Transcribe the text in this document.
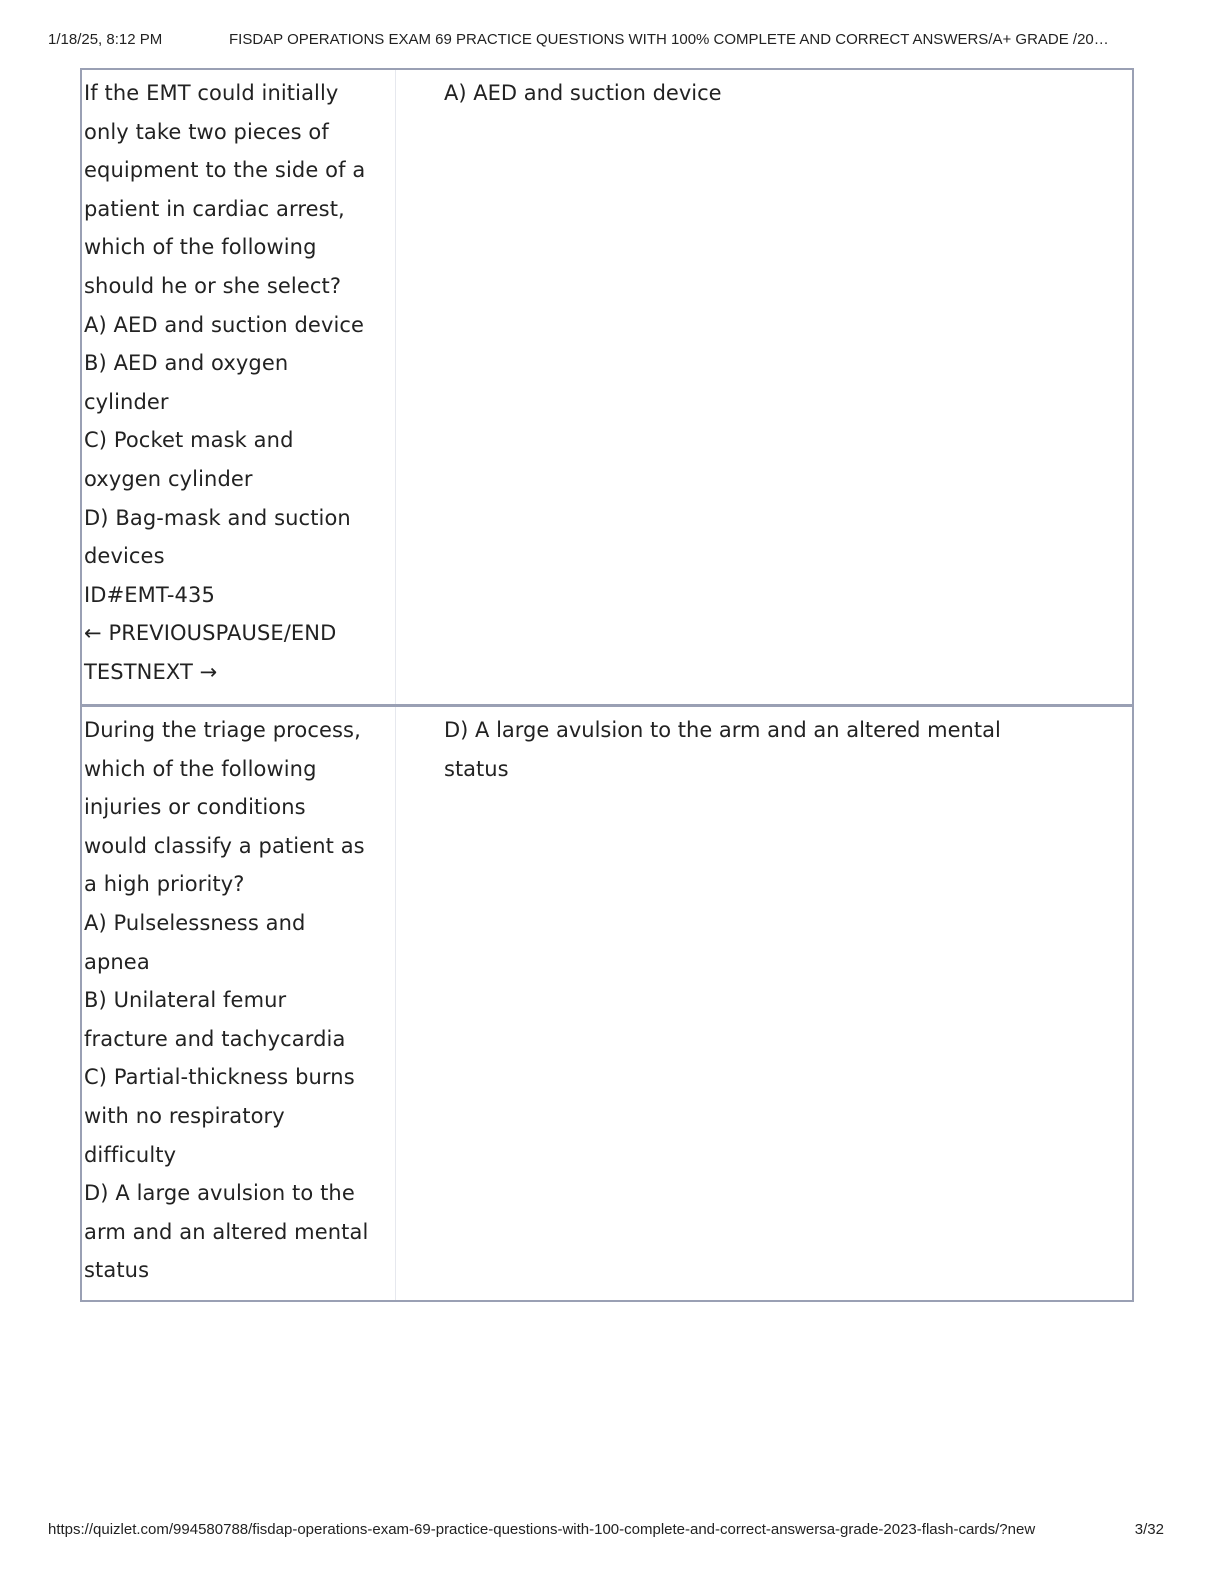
1/18/25, 8:12 PM	FISDAP OPERATIONS EXAM 69 PRACTICE QUESTIONS WITH 100% COMPLETE AND CORRECT ANSWERS/A+ GRADE /20…
If the EMT could initially
only take two pieces of
equipment to the side of a
patient in cardiac arrest,
which of the following
should he or she select?
A) AED and suction device
B) AED and oxygen
cylinder
C) Pocket mask and
oxygen cylinder
D) Bag-mask and suction
devices
ID#EMT-435
← PREVIOUSPAUSE/END
TESTNEXT →
A) AED and suction device
During the triage process,
which of the following
injuries or conditions
would classify a patient as
a high priority?
A) Pulselessness and
apnea
B) Unilateral femur
fracture and tachycardia
C) Partial-thickness burns
with no respiratory
difficulty
D) A large avulsion to the
arm and an altered mental
status
D) A large avulsion to the arm and an altered mental
status
https://quizlet.com/994580788/fisdap-operations-exam-69-practice-questions-with-100-complete-and-correct-answersa-grade-2023-flash-cards/?new	3/32
